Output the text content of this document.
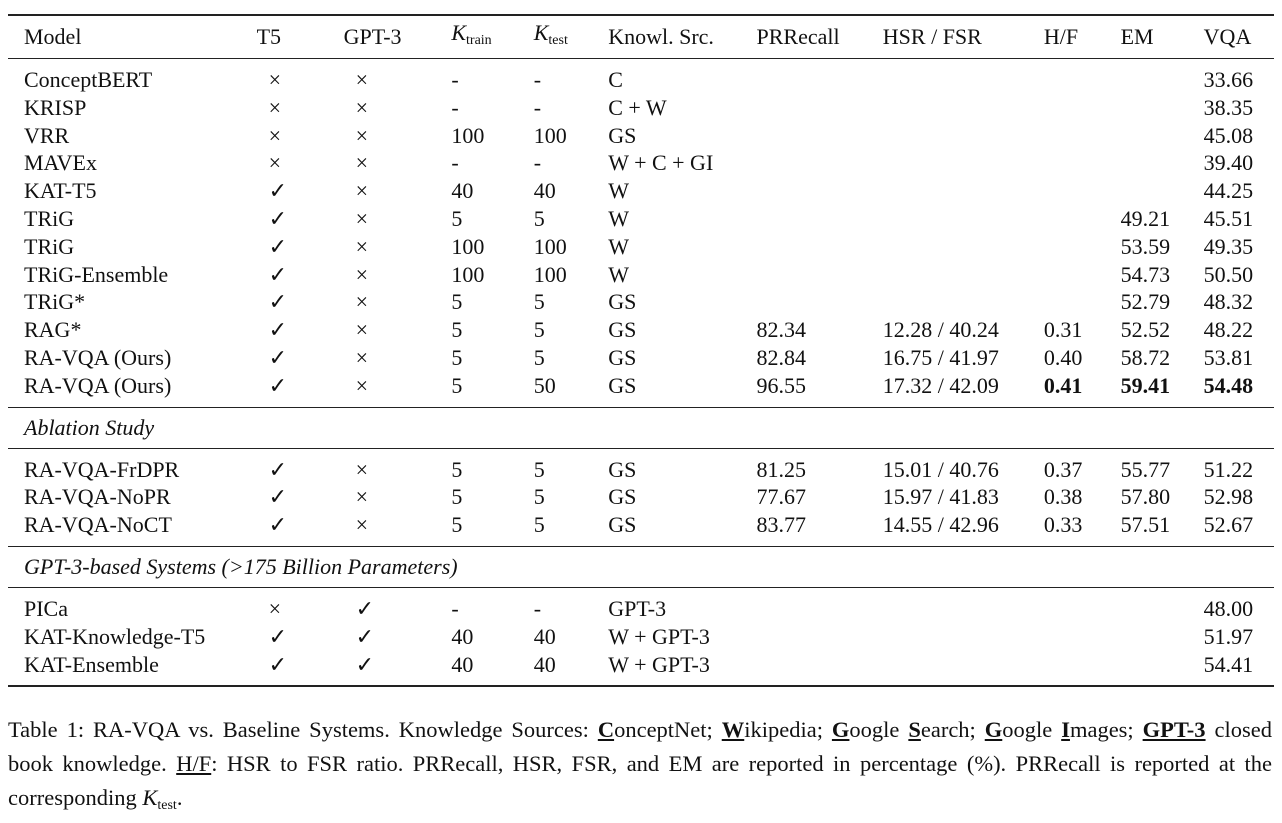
Model	T5	GPT-3	$K_{train}$	$K_{test}$	Knowl. Src.	PRRecall	HSR / FSR	H/F	EM	VQA
ConceptBERT	×	×	-	-	C					33.66
KRISP	×	×	-	-	C + W					38.35
VRR	×	×	100	100	GS					45.08
MAVEx	×	×	-	-	W + C + GI					39.40
KAT-T5	✓	×	40	40	W					44.25
TRiG	✓	×	5	5	W				49.21	45.51
TRiG	✓	×	100	100	W				53.59	49.35
TRiG-Ensemble	✓	×	100	100	W				54.73	50.50
TRiG*	✓	×	5	5	GS				52.79	48.32
RAG*	✓	×	5	5	GS	82.34	12.28 / 40.24	0.31	52.52	48.22
RA-VQA (Ours)	✓	×	5	5	GS	82.84	16.75 / 41.97	0.40	58.72	53.81
RA-VQA (Ours)	✓	×	5	50	GS	96.55	17.32 / 42.09	0.41	59.41	54.48
Ablation Study										
RA-VQA-FrDPR	✓	×	5	5	GS	81.25	15.01 / 40.76	0.37	55.77	51.22
RA-VQA-NoPR	✓	×	5	5	GS	77.67	15.97 / 41.83	0.38	57.80	52.98
RA-VQA-NoCT	✓	×	5	5	GS	83.77	14.55 / 42.96	0.33	57.51	52.67
GPT-3-based Systems (>175 Billion Parameters)										
PICa	×	✓	-	-	GPT-3					48.00
KAT-Knowledge-T5	✓	✓	40	40	W + GPT-3					51.97
KAT-Ensemble	✓	✓	40	40	W + GPT-3					54.41
Table 1: RA-VQA vs. Baseline Systems. Knowledge Sources: ConceptNet; Wikipedia; Google Search; Google Images; GPT-3 closed book knowledge. H/F: HSR to FSR ratio. PRRecall, HSR, FSR, and EM are reported in percentage (%). PRRecall is reported at the corresponding $K_{test}$.
